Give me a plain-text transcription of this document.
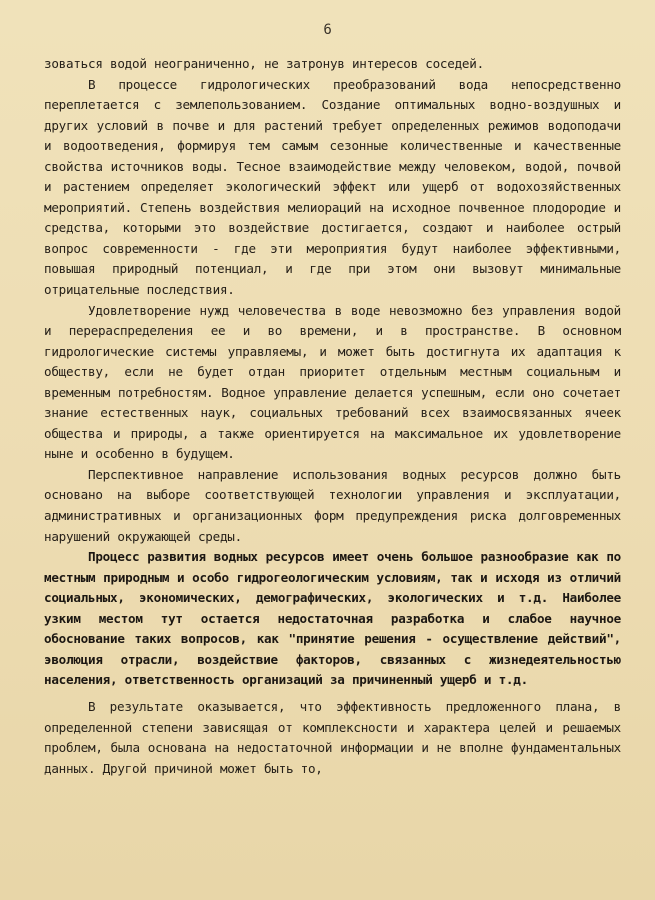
6

зоваться водой неограниченно, не затронув интересов соседей.

В процессе гидрологических преобразований вода непосредственно переплетается с землепользованием. Создание оптимальных водно-воздушных и других условий в почве и для растений требует определенных режимов водоподачи и водоотведения, формируя тем самым сезонные количественные и качественные свойства источников воды. Тесное взаимодействие между человеком, водой, почвой и растением определяет экологический эффект или ущерб от водохозяйственных мероприятий. Степень воздействия мелиораций на исходное почвенное плодородие и средства, которыми это воздействие достигается, создают и наиболее острый вопрос современности - где эти мероприятия будут наиболее эффективными, повышая природный потенциал, и где при этом они вызовут минимальные отрицательные последствия.

Удовлетворение нужд человечества в воде невозможно без управления водой и перераспределения ее и во времени, и в пространстве. В основном гидрологические системы управляемы, и может быть достигнута их адаптация к обществу, если не будет отдан приоритет отдельным местным социальным и временным потребностям. Водное управление делается успешным, если оно сочетает знание естественных наук, социальных требований всех взаимосвязанных ячеек общества и природы, а также ориентируется на максимальное их удовлетворение ныне и особенно в будущем.

Перспективное направление использования водных ресурсов должно быть основано на выборе соответствующей технологии управления и эксплуатации, административных и организационных форм предупреждения риска долговременных нарушений окружающей среды.

Процесс развития водных ресурсов имеет очень большое разнообразие как по местным природным и особо гидрогеологическим условиям, так и исходя из отличий социальных, экономических, демографических, экологических и т.д. Наиболее узким местом тут остается недостаточная разработка и слабое научное обоснование таких вопросов, как "принятие решения - осуществление действий", эволюция отрасли, воздействие факторов, связанных с жизнедеятельностью населения, ответственность организаций за причиненный ущерб и т.д.

В результате оказывается, что эффективность предложенного плана, в определенной степени зависящая от комплексности и характера целей и решаемых проблем, была основана на недостаточной информации и не вполне фундаментальных данных. Другой причиной может быть то,
